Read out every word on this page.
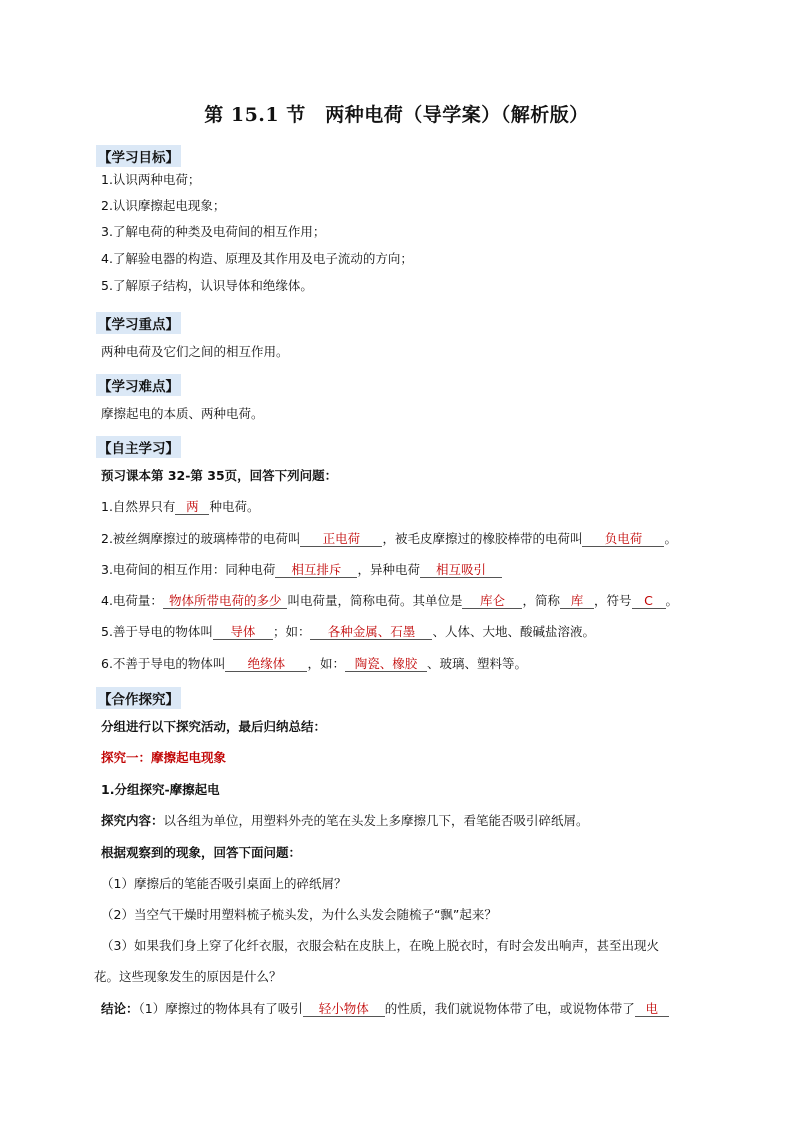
第 15.1 节　两种电荷（导学案）（解析版）
【学习目标】
1.认识两种电荷；
2.认识摩擦起电现象；
3.了解电荷的种类及电荷间的相互作用；
4.了解验电器的构造、原理及其作用及电子流动的方向；
5.了解原子结构，认识导体和绝缘体。
【学习重点】
两种电荷及它们之间的相互作用。
【学习难点】
摩擦起电的本质、两种电荷。
【自主学习】
预习课本第 32-第 35页，回答下列问题：
1.自然界只有 两 种电荷。
2.被丝绸摩擦过的玻璃棒带的电荷叫 正电荷 ，被毛皮摩擦过的橡胶棒带的电荷叫 负电荷 。
3.电荷间的相互作用：同种电荷 相互排斥 ，异种电荷 相互吸引
4.电荷量： 物体所带电荷的多少 叫电荷量，简称电荷。其单位是 库仑 ，简称 库 ，符号 C 。
5.善于导电的物体叫 导体 ；如： 各种金属、石墨 、人体、大地、酸碱盐溶液。
6.不善于导电的物体叫 绝缘体 ，如： 陶瓷、橡胶 、玻璃、塑料等。
【合作探究】
分组进行以下探究活动，最后归纳总结：
探究一：摩擦起电现象
1.分组探究-摩擦起电
探究内容：以各组为单位，用塑料外壳的笔在头发上多摩擦几下，看笔能否吸引碎纸屑。
根据观察到的现象，回答下面问题：
（1）摩擦后的笔能否吸引桌面上的碎纸屑？
（2）当空气干燥时用塑料梳子梳头发，为什么头发会随梳子“飘”起来？
（3）如果我们身上穿了化纤衣服，衣服会粘在皮肤上，在晚上脱衣时，有时会发出响声，甚至出现火
花。这些现象发生的原因是什么？
结论：（1）摩擦过的物体具有了吸引 轻小物体 的性质，我们就说物体带了电，或说物体带了 电
